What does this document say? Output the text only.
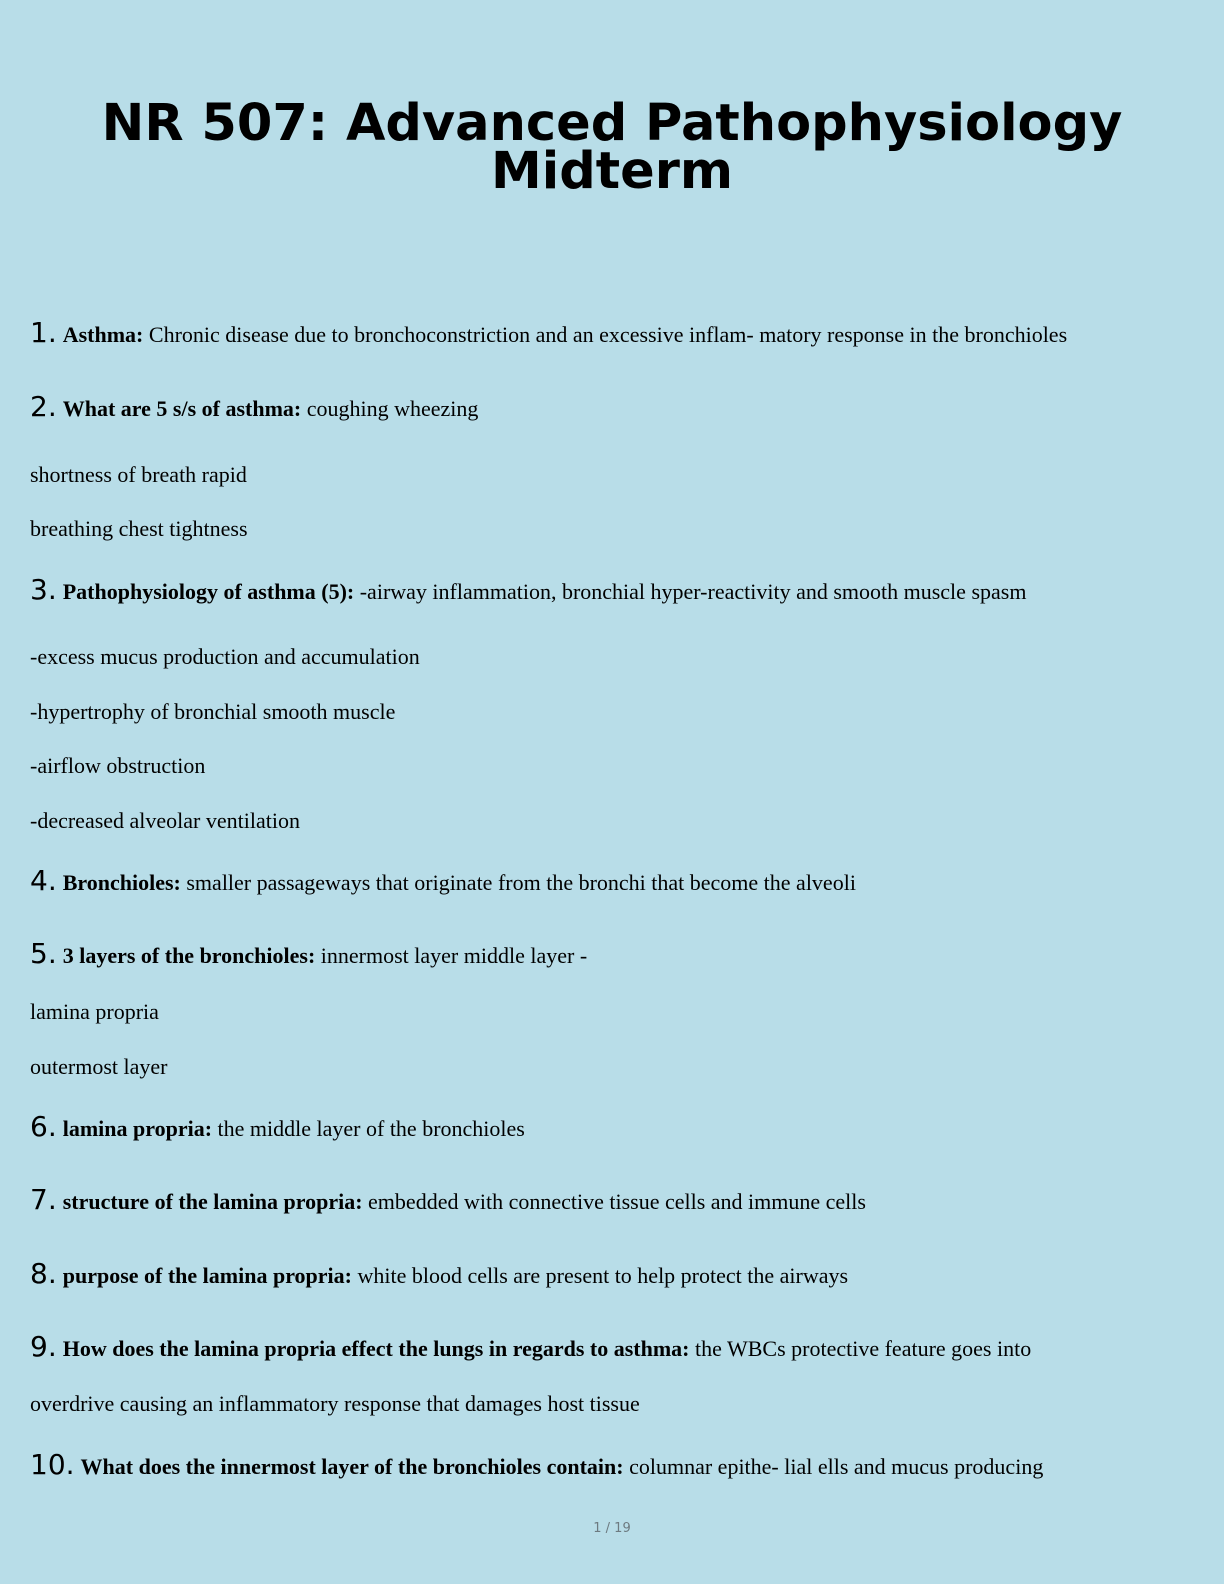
NR 507: Advanced Pathophysiology
Midterm
1. Asthma: Chronic disease due to bronchoconstriction and an excessive inflam- matory response in the bronchioles
2. What are 5 s/s of asthma: coughing wheezing
shortness of breath rapid
breathing chest tightness
3. Pathophysiology of asthma (5): -airway inflammation, bronchial hyper-reactivity and smooth muscle spasm
-excess mucus production and accumulation
-hypertrophy of bronchial smooth muscle
-airflow obstruction
-decreased alveolar ventilation
4. Bronchioles: smaller passageways that originate from the bronchi that become the alveoli
5. 3 layers of the bronchioles: innermost layer middle layer -
lamina propria
outermost layer
6. lamina propria: the middle layer of the bronchioles
7. structure of the lamina propria: embedded with connective tissue cells and immune cells
8. purpose of the lamina propria: white blood cells are present to help protect the airways
9. How does the lamina propria effect the lungs in regards to asthma: the WBCs protective feature goes into
overdrive causing an inflammatory response that damages host tissue
10. What does the innermost layer of the bronchioles contain: columnar epithe- lial ells and mucus producing
1 / 19
